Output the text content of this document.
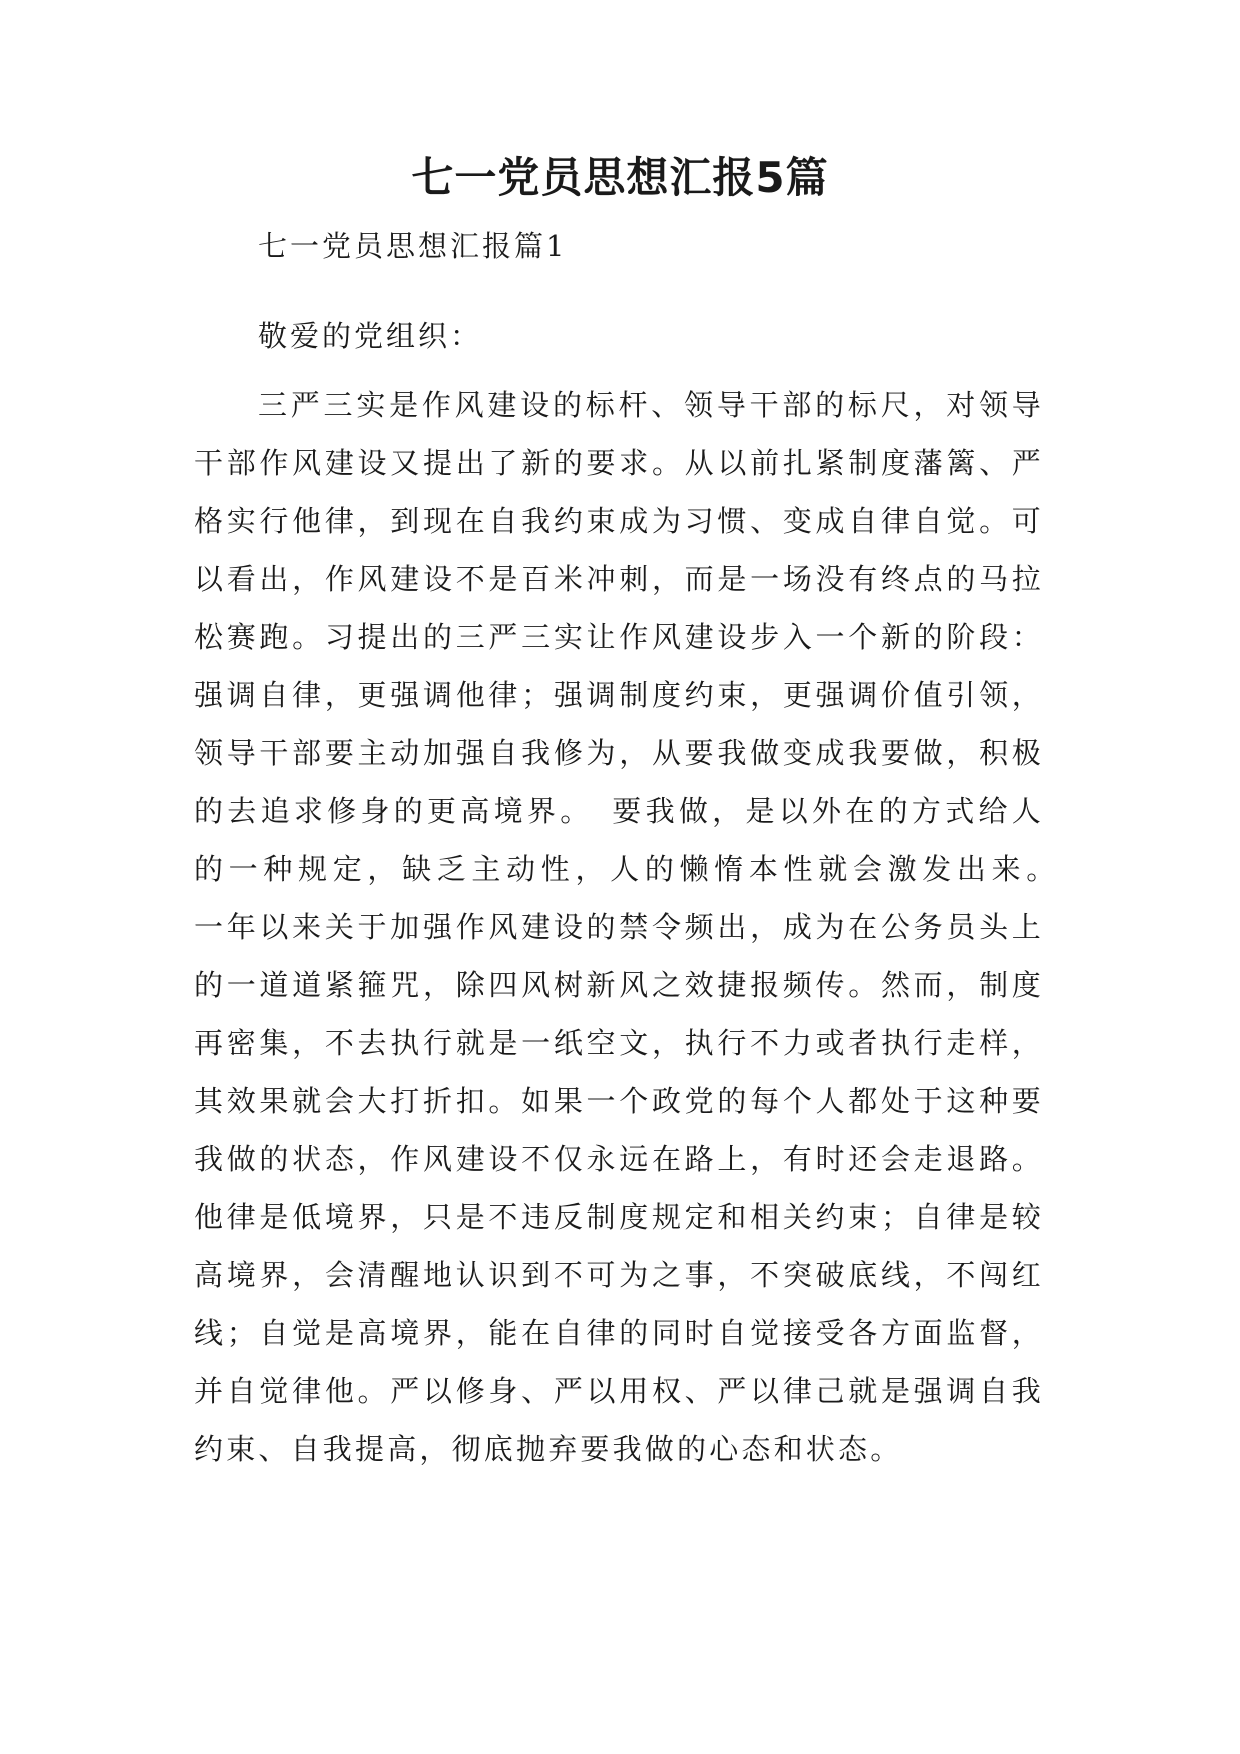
七一党员思想汇报5篇

七一党员思想汇报篇1

敬爱的党组织：

三严三实是作风建设的标杆、领导干部的标尺，对领导干部作风建设又提出了新的要求。从以前扎紧制度藩篱、严格实行他律，到现在自我约束成为习惯、变成自律自觉。可以看出，作风建设不是百米冲刺，而是一场没有终点的马拉松赛跑。习提出的三严三实让作风建设步入一个新的阶段：强调自律，更强调他律；强调制度约束，更强调价值引领，领导干部要主动加强自我修为，从要我做变成我要做，积极的去追求修身的更高境界。　要我做，是以外在的方式给人的一种规定，缺乏主动性，人的懒惰本性就会激发出来。　一年以来关于加强作风建设的禁令频出，成为在公务员头上的一道道紧箍咒，除四风树新风之效捷报频传。然而，制度再密集，不去执行就是一纸空文，执行不力或者执行走样，其效果就会大打折扣。如果一个政党的每个人都处于这种要我做的状态，作风建设不仅永远在路上，有时还会走退路。他律是低境界，只是不违反制度规定和相关约束；自律是较高境界，会清醒地认识到不可为之事，不突破底线，不闯红线；自觉是高境界，能在自律的同时自觉接受各方面监督，并自觉律他。严以修身、严以用权、严以律己就是强调自我约束、自我提高，彻底抛弃要我做的心态和状态。
